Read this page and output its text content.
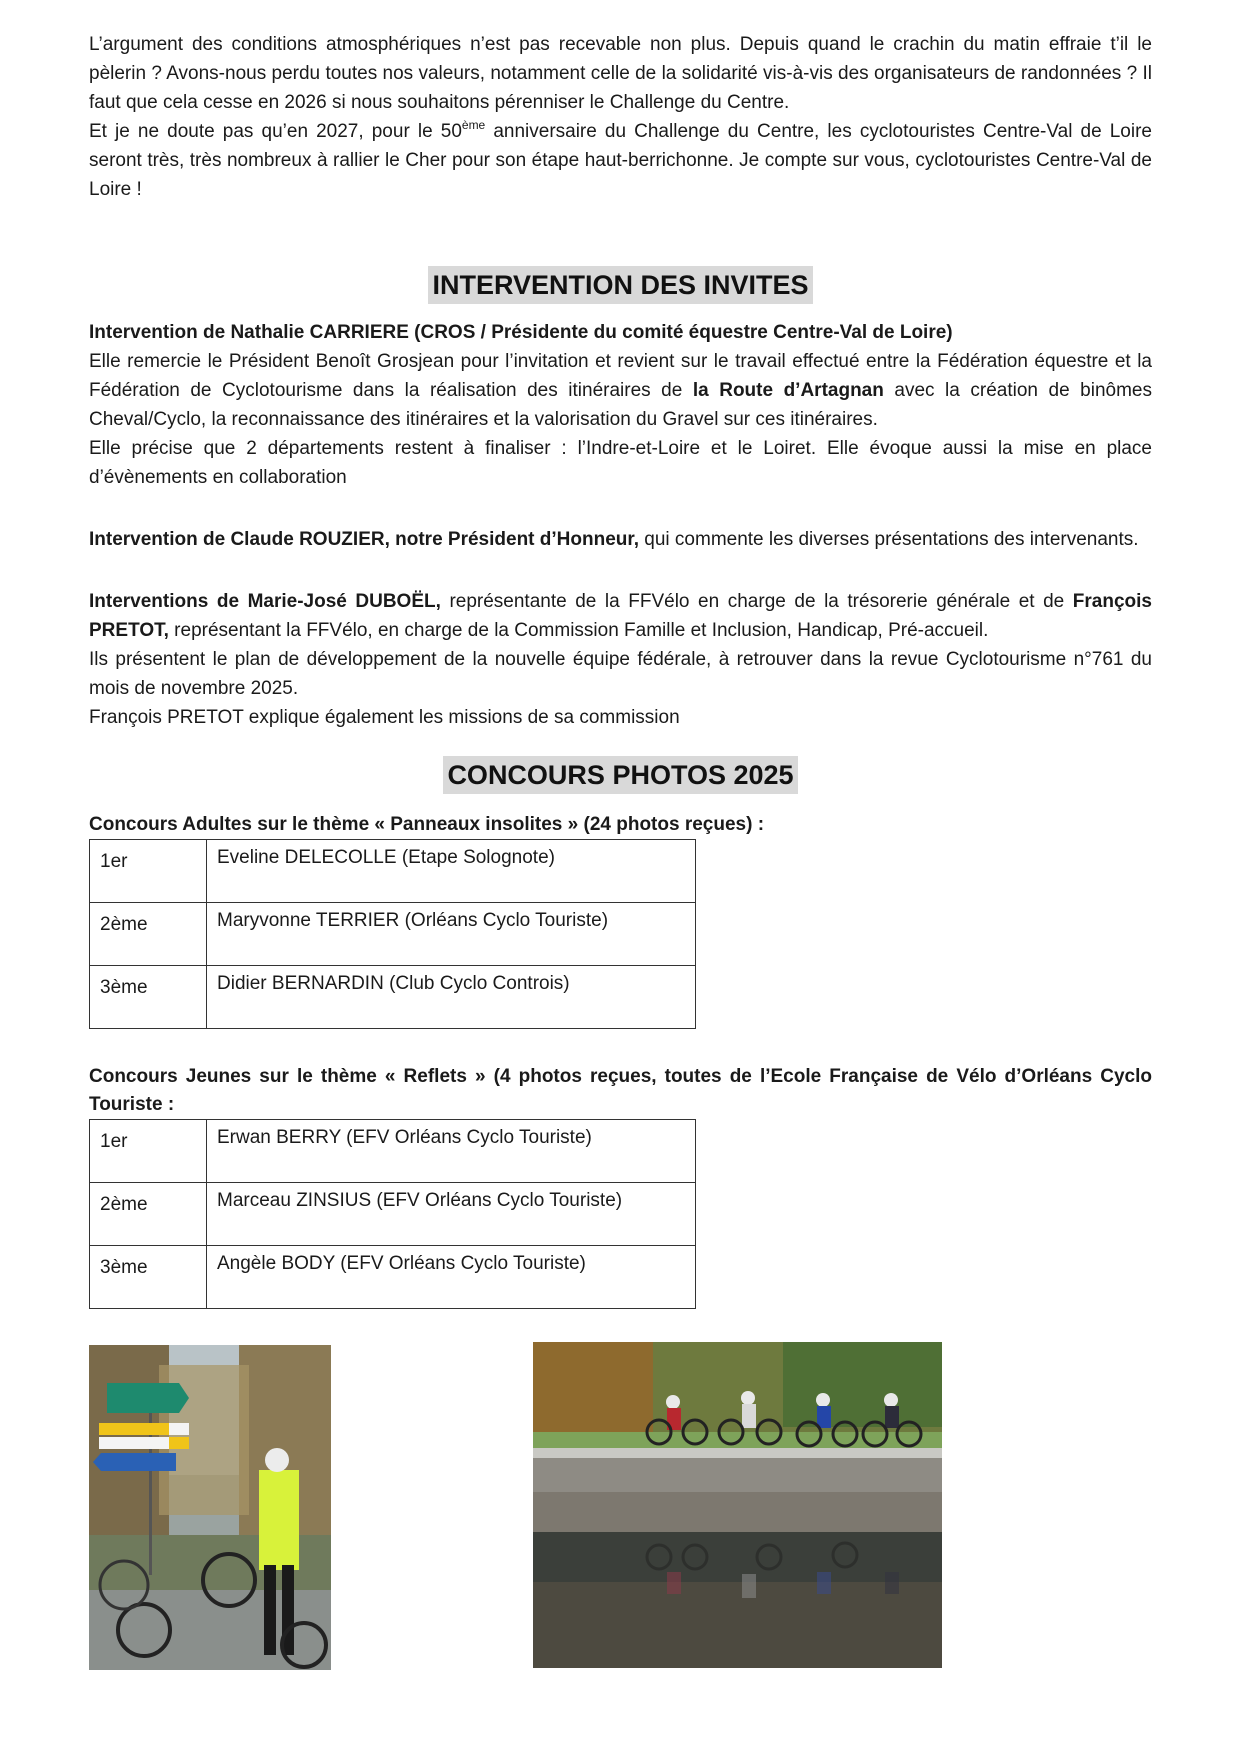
L’argument des conditions atmosphériques n’est pas recevable non plus. Depuis quand le crachin du matin effraie t’il le pèlerin ? Avons-nous perdu toutes nos valeurs, notamment celle de la solidarité vis-à-vis des organisateurs de randonnées ? Il faut que cela cesse en 2026 si nous souhaitons pérenniser le Challenge du Centre.

Et je ne doute pas qu’en 2027, pour le 50ème anniversaire du Challenge du Centre, les cyclotouristes Centre-Val de Loire seront très, très nombreux à rallier le Cher pour son étape haut-berrichonne. Je compte sur vous, cyclotouristes Centre-Val de Loire !

INTERVENTION DES INVITES

Intervention de Nathalie CARRIERE (CROS / Présidente du comité équestre Centre-Val de Loire)

Elle remercie le Président Benoît Grosjean pour l’invitation et revient sur le travail effectué entre la Fédération équestre et la Fédération de Cyclotourisme dans la réalisation des itinéraires de la Route d’Artagnan avec la création de binômes Cheval/Cyclo, la reconnaissance des itinéraires et la valorisation du Gravel sur ces itinéraires.

Elle précise que 2 départements restent à finaliser : l’Indre-et-Loire et le Loiret. Elle évoque aussi la mise en place d’évènements en collaboration

Intervention de Claude ROUZIER, notre Président d’Honneur, qui commente les diverses présentations des intervenants.

Interventions de Marie-José DUBOËL, représentante de la FFVélo en charge de la trésorerie générale et de François PRETOT, représentant la FFVélo, en charge de la Commission Famille et Inclusion, Handicap, Pré-accueil.

Ils présentent le plan de développement de la nouvelle équipe fédérale, à retrouver dans la revue Cyclotourisme n°761 du mois de novembre 2025.

François PRETOT explique également les missions de sa commission

CONCOURS PHOTOS 2025

Concours Adultes sur le thème « Panneaux insolites » (24 photos reçues) :

1er	Eveline DELECOLLE (Etape Solognote)
2ème	Maryvonne TERRIER (Orléans Cyclo Touriste)
3ème	Didier BERNARDIN (Club Cyclo Controis)

Concours Jeunes sur le thème « Reflets » (4 photos reçues, toutes de l’Ecole Française de Vélo d’Orléans Cyclo Touriste :

1er	Erwan BERRY (EFV Orléans Cyclo Touriste)
2ème	Marceau ZINSIUS (EFV Orléans Cyclo Touriste)
3ème	Angèle BODY (EFV Orléans Cyclo Touriste)
